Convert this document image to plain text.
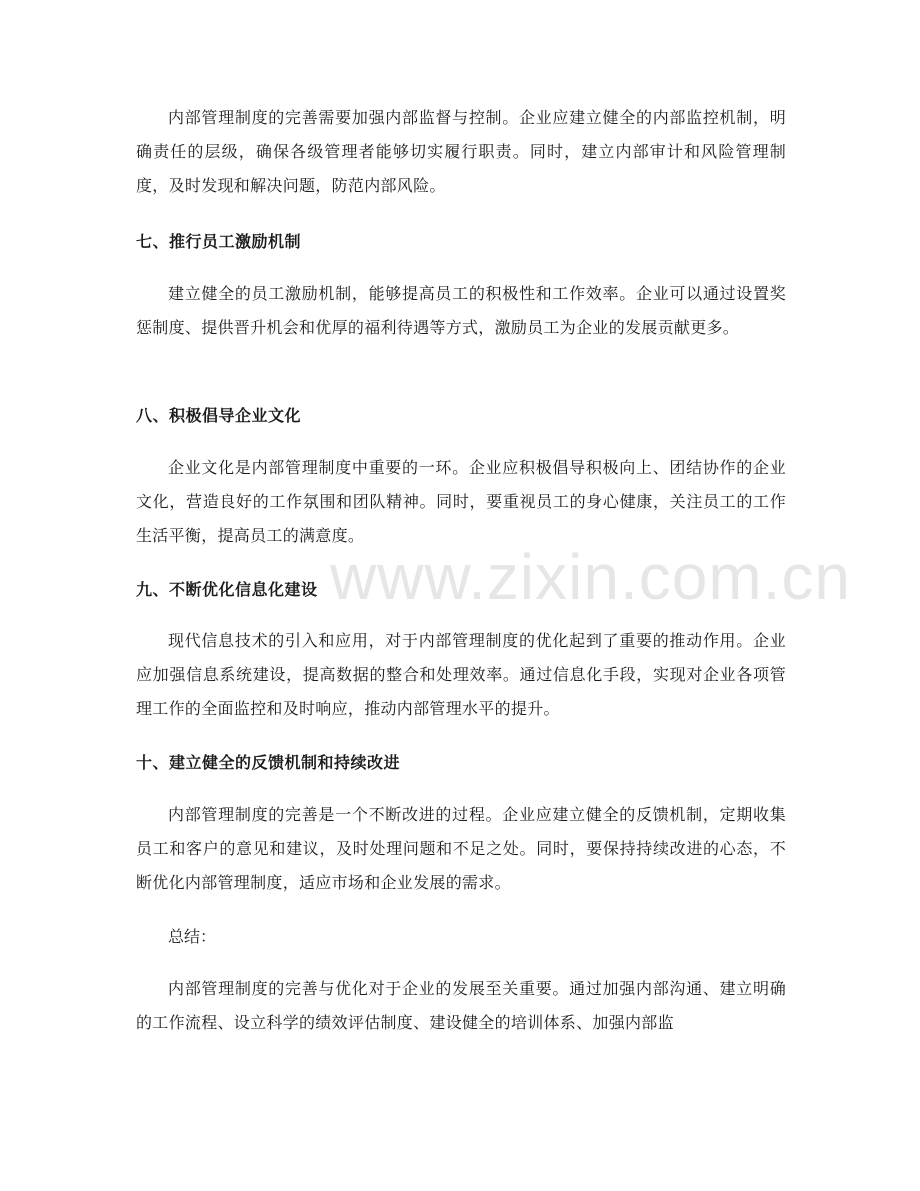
www.zixin.com.cn

内部管理制度的完善需要加强内部监督与控制。企业应建立健全的内部监控机制，明确责任的层级，确保各级管理者能够切实履行职责。同时，建立内部审计和风险管理制度，及时发现和解决问题，防范内部风险。

七、推行员工激励机制

建立健全的员工激励机制，能够提高员工的积极性和工作效率。企业可以通过设置奖惩制度、提供晋升机会和优厚的福利待遇等方式，激励员工为企业的发展贡献更多。

八、积极倡导企业文化

企业文化是内部管理制度中重要的一环。企业应积极倡导积极向上、团结协作的企业文化，营造良好的工作氛围和团队精神。同时，要重视员工的身心健康，关注员工的工作生活平衡，提高员工的满意度。

九、不断优化信息化建设

现代信息技术的引入和应用，对于内部管理制度的优化起到了重要的推动作用。企业应加强信息系统建设，提高数据的整合和处理效率。通过信息化手段，实现对企业各项管理工作的全面监控和及时响应，推动内部管理水平的提升。

十、建立健全的反馈机制和持续改进

内部管理制度的完善是一个不断改进的过程。企业应建立健全的反馈机制，定期收集员工和客户的意见和建议，及时处理问题和不足之处。同时，要保持持续改进的心态，不断优化内部管理制度，适应市场和企业发展的需求。

总结：

内部管理制度的完善与优化对于企业的发展至关重要。通过加强内部沟通、建立明确的工作流程、设立科学的绩效评估制度、建设健全的培训体系、加强内部监
